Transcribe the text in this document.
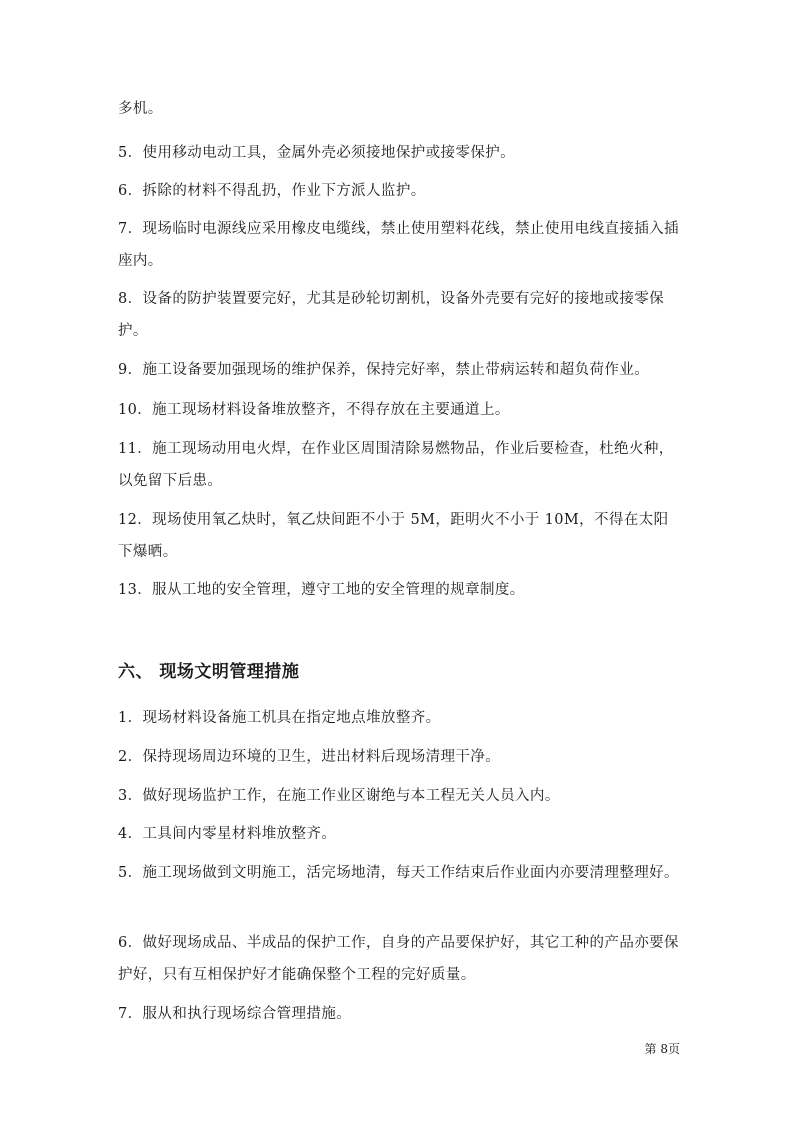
多机。

5．使用移动电动工具，金属外壳必须接地保护或接零保护。

6．拆除的材料不得乱扔，作业下方派人监护。

7．现场临时电源线应采用橡皮电缆线，禁止使用塑料花线，禁止使用电线直接插入插座内。

8．设备的防护装置要完好，尤其是砂轮切割机，设备外壳要有完好的接地或接零保护。

9．施工设备要加强现场的维护保养，保持完好率，禁止带病运转和超负荷作业。

10．施工现场材料设备堆放整齐，不得存放在主要通道上。

11．施工现场动用电火焊，在作业区周围清除易燃物品，作业后要检查，杜绝火种，以免留下后患。

12．现场使用氧乙炔时，氧乙炔间距不小于 5M，距明火不小于 10M，不得在太阳下爆晒。

13．服从工地的安全管理，遵守工地的安全管理的规章制度。

六、 现场文明管理措施

1．现场材料设备施工机具在指定地点堆放整齐。

2．保持现场周边环境的卫生，进出材料后现场清理干净。

3．做好现场监护工作，在施工作业区谢绝与本工程无关人员入内。

4．工具间内零星材料堆放整齐。

5．施工现场做到文明施工，活完场地清，每天工作结束后作业面内亦要清理整理好。

6．做好现场成品、半成品的保护工作，自身的产品要保护好，其它工种的产品亦要保护好，只有互相保护好才能确保整个工程的完好质量。

7．服从和执行现场综合管理措施。

第 8页
